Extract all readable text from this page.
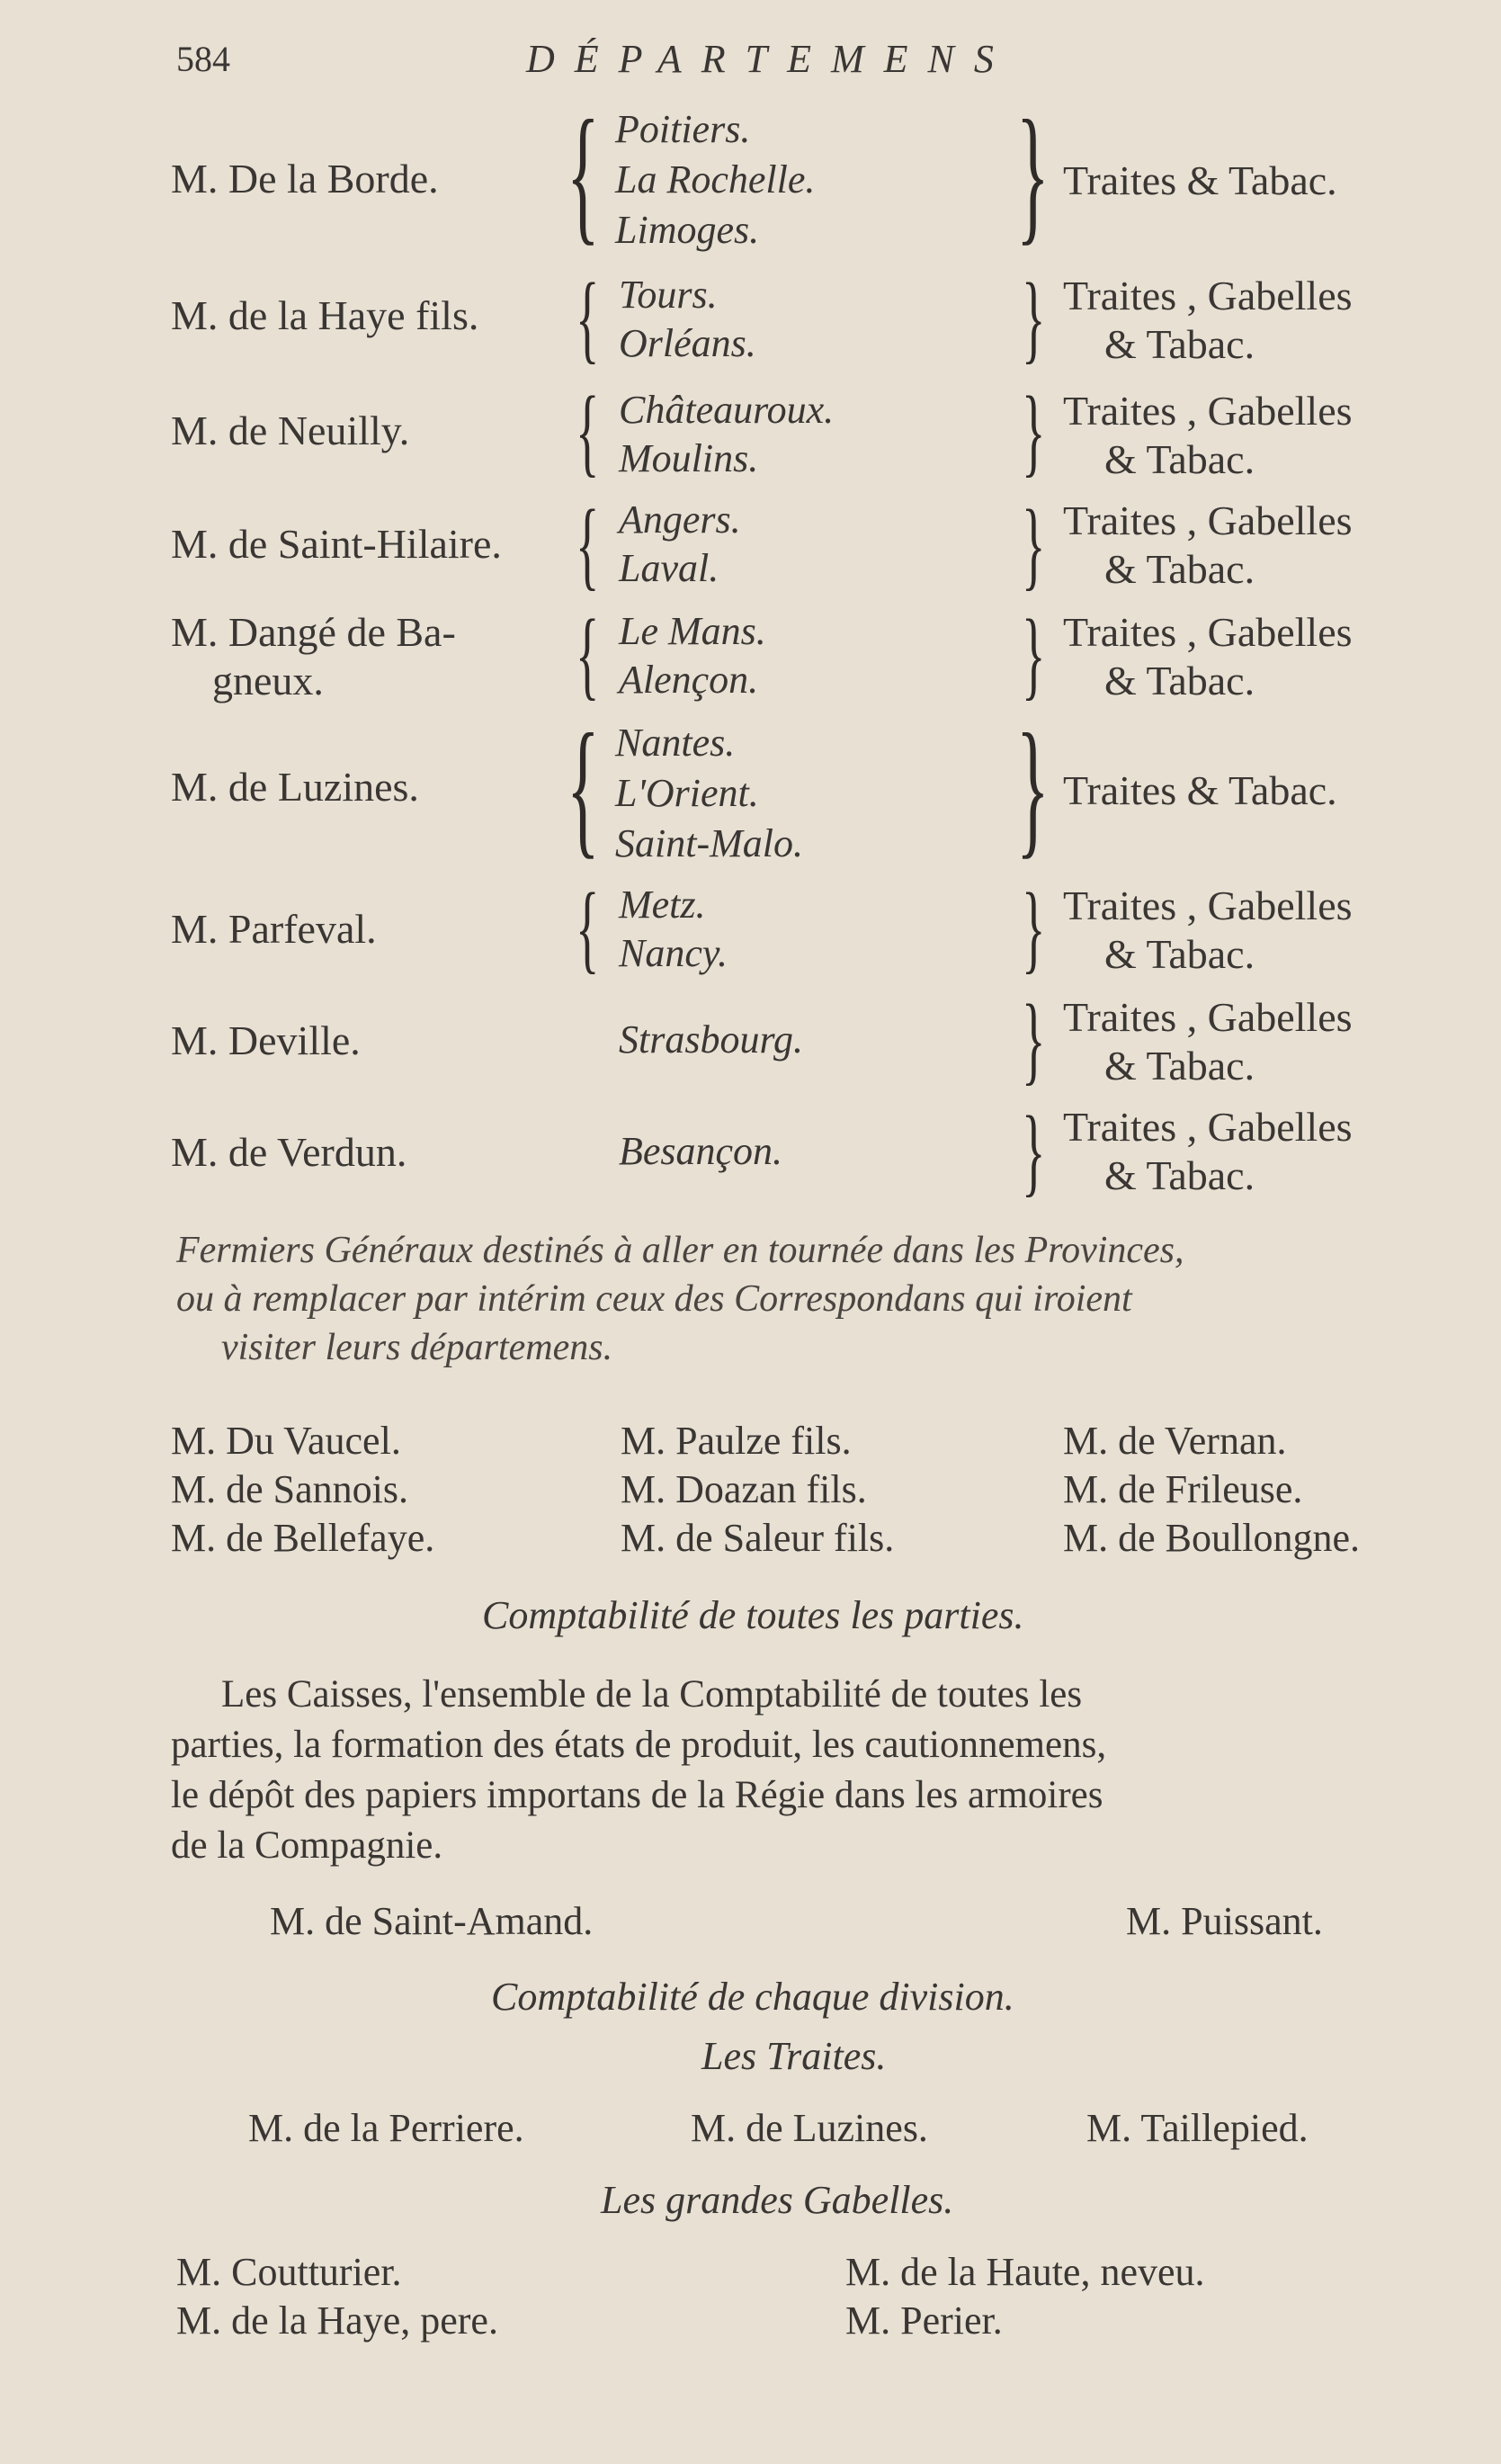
584	DÉPARTEMENS
M. De la Borde. { Poitiers.
La Rochelle.
Limoges. } Traites & Tabac.
M. de la Haye fils. { Tours.
Orléans.	} Traites , Gabelles
& Tabac.
M. de Neuilly. { Châteauroux.
Moulins.	} Traites , Gabelles
& Tabac.
M. de Saint-Hilaire. { Angers.
Laval.	} Traites , Gabelles
& Tabac.
M. Dangé de Ba-
gneux.	{ Le Mans.
Alençon.	} Traites , Gabelles
& Tabac.
M. de Luzines. { Nantes.
L'Orient.
Saint-Malo. } Traites & Tabac.
M. Parfeval. { Metz.
Nancy.	} Traites , Gabelles
& Tabac.
M. Deville.	Strasbourg. } Traites , Gabelles
& Tabac.
M. de Verdun.	Besançon. } Traites , Gabelles
& Tabac.
Fermiers Généraux destinés à aller en tournée dans les Provinces,
ou à remplacer par intérim ceux des Correspondans qui iroient
visiter leurs départemens.
M. Du Vaucel.	M. Paulze fils.	M. de Vernan.
M. de Sannois.	M. Doazan fils.	M. de Frileuse.
M. de Bellefaye.	M. de Saleur fils.	M. de Boullongne.
Comptabilité de toutes les parties.
Les Caisses, l'ensemble de la Comptabilité de toutes les
parties, la formation des états de produit, les cautionnemens,
le dépôt des papiers importans de la Régie dans les armoires
de la Compagnie.
M. de Saint-Amand.	M. Puissant.
Comptabilité de chaque division.
Les Traites.
M. de la Perriere.	M. de Luzines.	M. Taillepied.
Les grandes Gabelles.
M. Coutturier.	M. de la Haute, neveu.
M. de la Haye, pere.	M. Perier.
